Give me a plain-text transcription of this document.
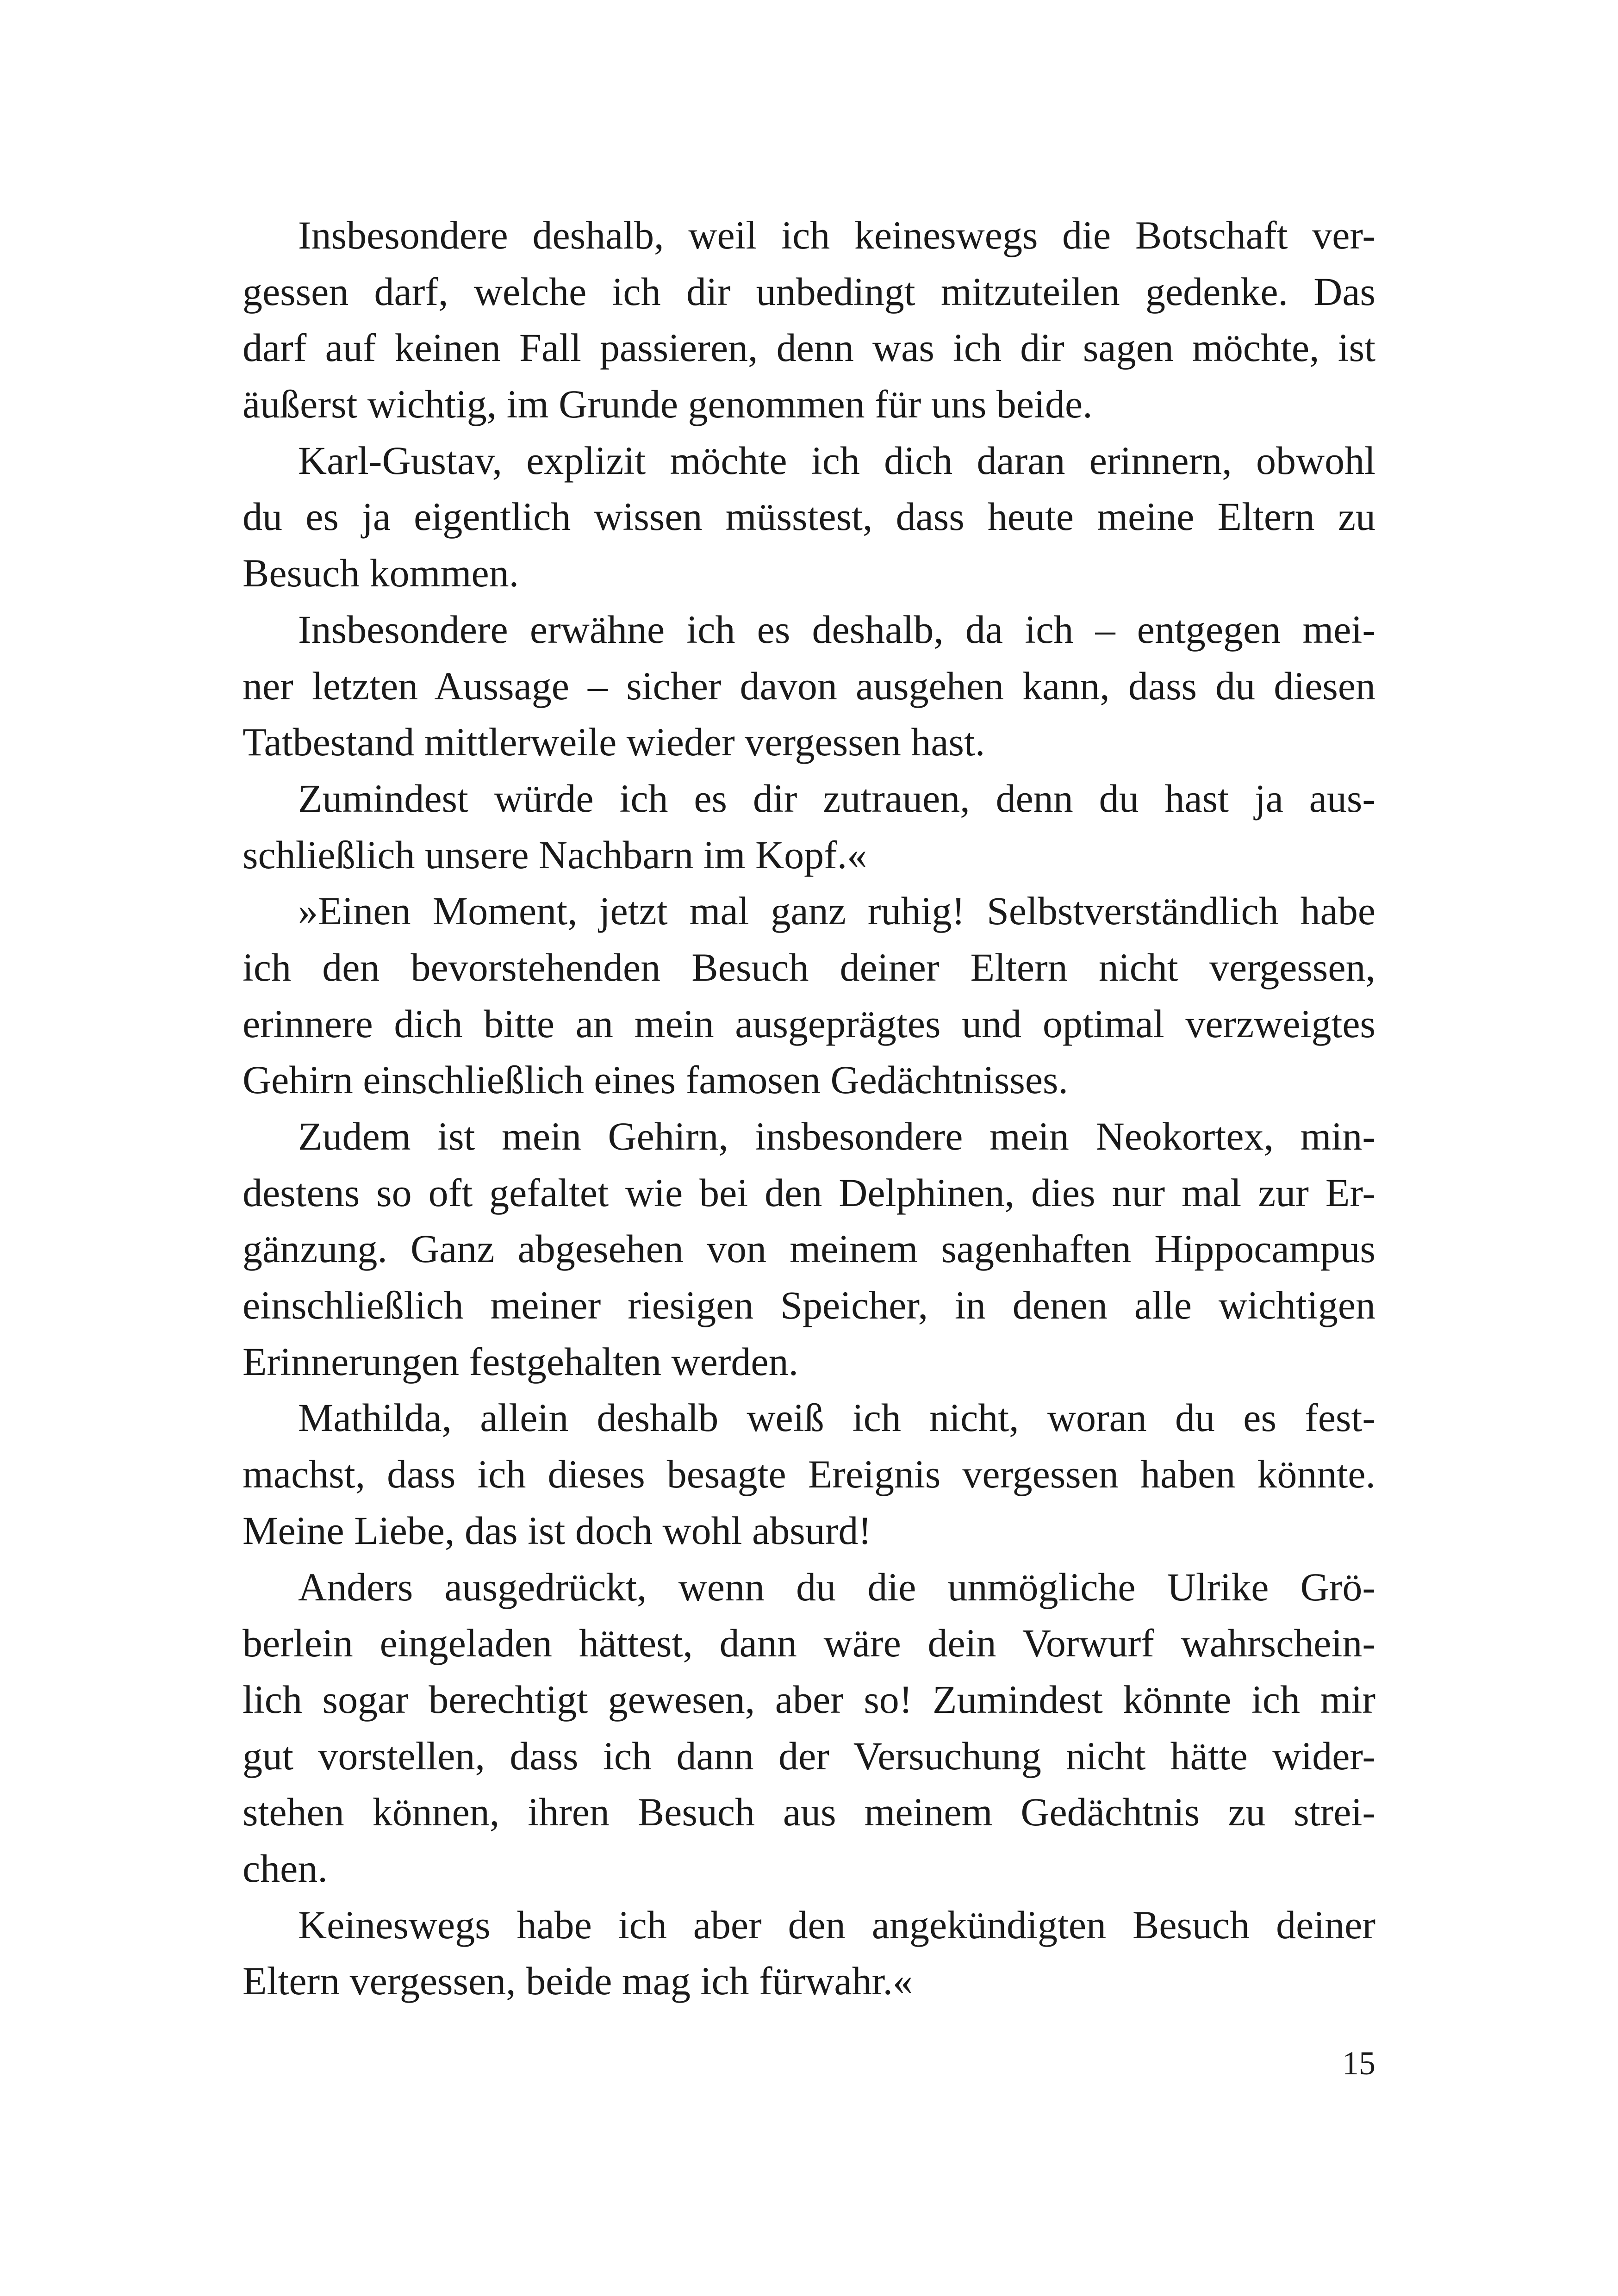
Insbesondere deshalb, weil ich keineswegs die Botschaft ver-
gessen darf, welche ich dir unbedingt mitzuteilen gedenke. Das
darf auf keinen Fall passieren, denn was ich dir sagen möchte, ist
äußerst wichtig, im Grunde genommen für uns beide.
Karl-Gustav, explizit möchte ich dich daran erinnern, obwohl
du es ja eigentlich wissen müsstest, dass heute meine Eltern zu
Besuch kommen.
Insbesondere erwähne ich es deshalb, da ich – entgegen mei-
ner letzten Aussage – sicher davon ausgehen kann, dass du diesen
Tatbestand mittlerweile wieder vergessen hast.
Zumindest würde ich es dir zutrauen, denn du hast ja aus-
schließlich unsere Nachbarn im Kopf.«
»Einen Moment, jetzt mal ganz ruhig! Selbstverständlich habe
ich den bevorstehenden Besuch deiner Eltern nicht vergessen,
erinnere dich bitte an mein ausgeprägtes und optimal verzweigtes
Gehirn einschließlich eines famosen Gedächtnisses.
Zudem ist mein Gehirn, insbesondere mein Neokortex, min-
destens so oft gefaltet wie bei den Delphinen, dies nur mal zur Er-
gänzung. Ganz abgesehen von meinem sagenhaften Hippocampus
einschließlich meiner riesigen Speicher, in denen alle wichtigen
Erinnerungen festgehalten werden.
Mathilda, allein deshalb weiß ich nicht, woran du es fest-
machst, dass ich dieses besagte Ereignis vergessen haben könnte.
Meine Liebe, das ist doch wohl absurd!
Anders ausgedrückt, wenn du die unmögliche Ulrike Grö-
berlein eingeladen hättest, dann wäre dein Vorwurf wahrschein-
lich sogar berechtigt gewesen, aber so! Zumindest könnte ich mir
gut vorstellen, dass ich dann der Versuchung nicht hätte wider-
stehen können, ihren Besuch aus meinem Gedächtnis zu strei-
chen.
Keineswegs habe ich aber den angekündigten Besuch deiner
Eltern vergessen, beide mag ich fürwahr.«
15
